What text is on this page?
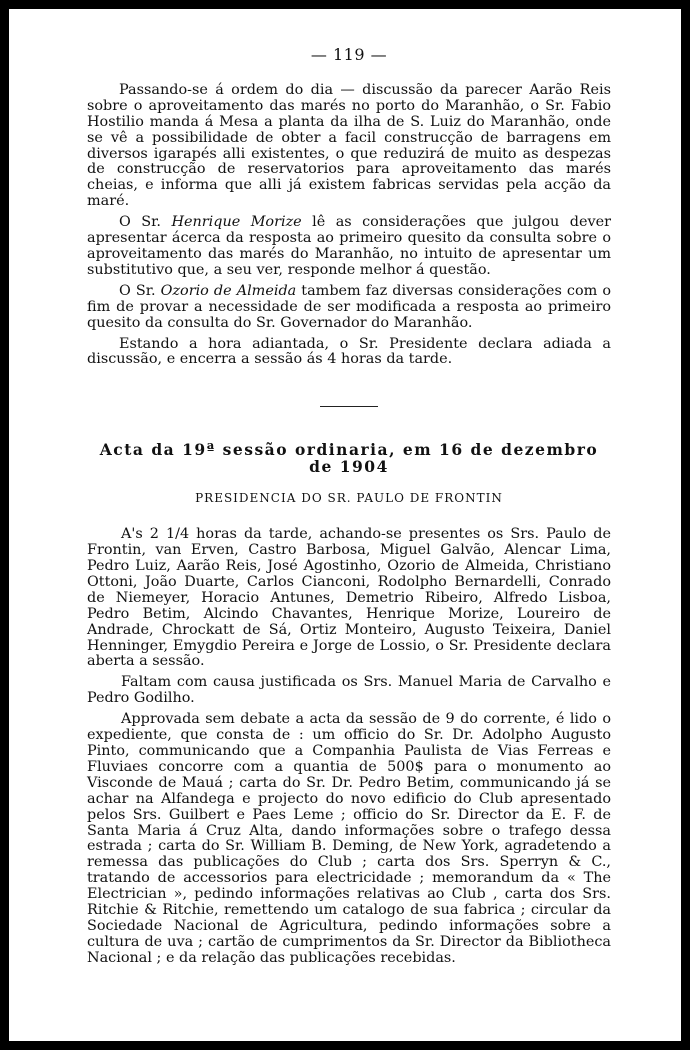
— 119 —

Passando-se á ordem do dia — discussão da parecer Aarão Reis sobre o aproveitamento das marés no porto do Maranhão, o Sr. Fabio Hostilio manda á Mesa a planta da ilha de S. Luiz do Maranhão, onde se vê a possibilidade de obter a facil construcção de barragens em diversos igarapés alli existentes, o que reduzirá de muito as despezas de construcção de reservatorios para aproveitamento das marés cheias, e informa que alli já existem fabricas servidas pela acção da maré.

O Sr. Henrique Morize lê as considerações que julgou dever apresentar ácerca da resposta ao primeiro quesito da consulta sobre o aproveitamento das marés do Maranhão, no intuito de apresentar um substitutivo que, a seu ver, responde melhor á questão.

O Sr. Ozorio de Almeida tambem faz diversas considerações com o fim de provar a necessidade de ser modificada a resposta ao primeiro quesito da consulta do Sr. Governador do Maranhão.

Estando a hora adiantada, o Sr. Presidente declara adiada a discussão, e encerra a sessão ás 4 horas da tarde.

Acta da 19ª sessão ordinaria, em 16 de dezembro de 1904
PRESIDENCIA DO SR. PAULO DE FRONTIN

A's 2 1/4 horas da tarde, achando-se presentes os Srs. Paulo de Frontin, van Erven, Castro Barbosa, Miguel Galvão, Alencar Lima, Pedro Luiz, Aarão Reis, José Agostinho, Ozorio de Almeida, Christiano Ottoni, João Duarte, Carlos Cianconi, Rodolpho Bernardelli, Conrado de Niemeyer, Horacio Antunes, Demetrio Ribeiro, Alfredo Lisboa, Pedro Betim, Alcindo Chavantes, Henrique Morize, Loureiro de Andrade, Chrockatt de Sá, Ortiz Monteiro, Augusto Teixeira, Daniel Henninger, Emygdio Pereira e Jorge de Lossio, o Sr. Presidente declara aberta a sessão.

Faltam com causa justificada os Srs. Manuel Maria de Carvalho e Pedro Godilho.

Approvada sem debate a acta da sessão de 9 do corrente, é lido o expediente, que consta de : um officio do Sr. Dr. Adolpho Augusto Pinto, communicando que a Companhia Paulista de Vias Ferreas e Fluviaes concorre com a quantia de 500$ para o monumento ao Visconde de Mauá ; carta do Sr. Dr. Pedro Betim, communicando já se achar na Alfandega e projecto do novo edificio do Club apresentado pelos Srs. Guilbert e Paes Leme ; officio do Sr. Director da E. F. de Santa Maria á Cruz Alta, dando informações sobre o trafego dessa estrada ; carta do Sr. William B. Deming, de New York, agradetendo a remessa das publicações do Club ; carta dos Srs. Sperryn & C., tratando de accessorios para electricidade ; memorandum da « The Electrician », pedindo informações relativas ao Club , carta dos Srs. Ritchie & Ritchie, remettendo um catalogo de sua fabrica ; circular da Sociedade Nacional de Agricultura, pedindo informações sobre a cultura de uva ; cartão de cumprimentos da Sr. Director da Bibliotheca Nacional ; e da relação das publicações recebidas.
